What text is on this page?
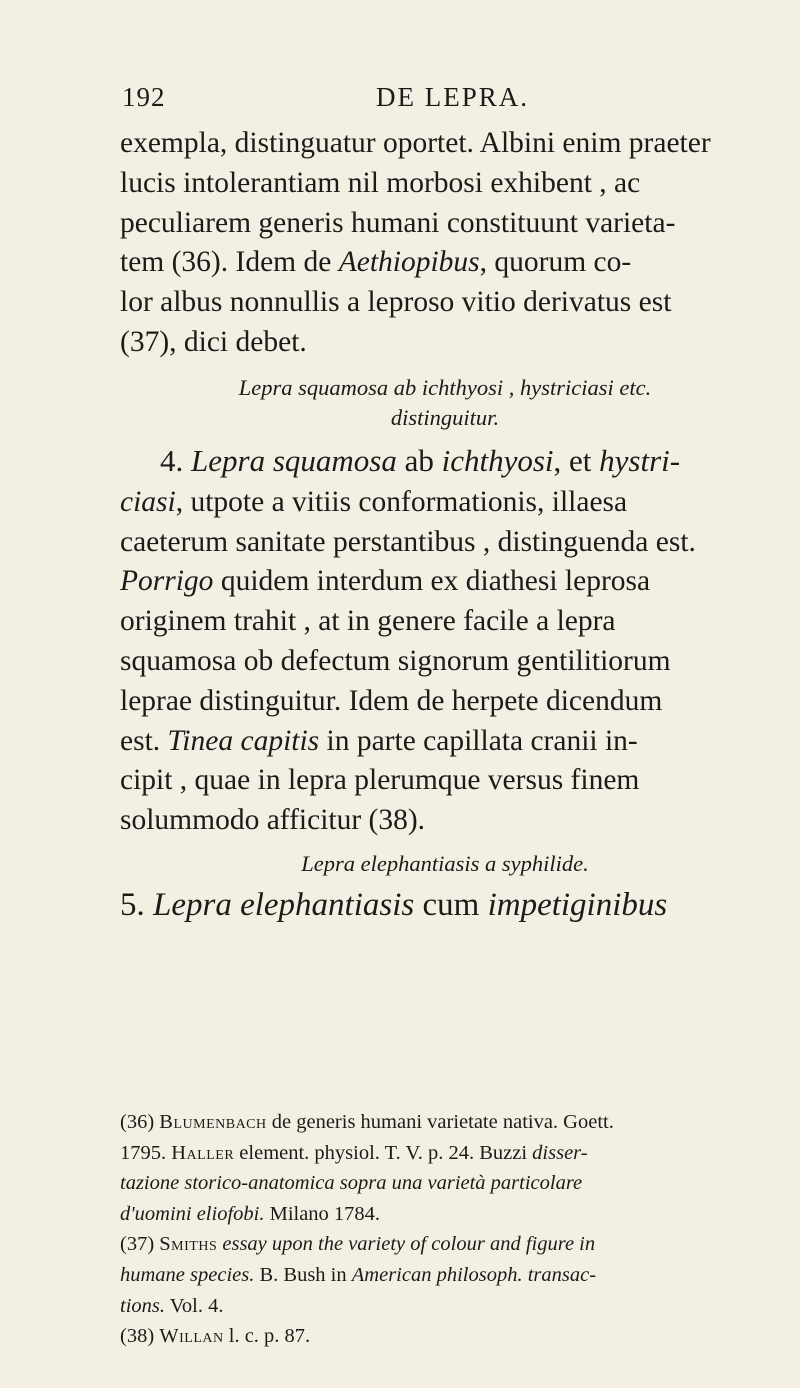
192	DE LEPRA.
exempla, distinguatur oportet. Albini enim praeter
lucis intolerantiam nil morbosi exhibent , ac
peculiarem generis humani constituunt varieta-
tem (36). Idem de Aethiopibus, quorum co-
lor albus nonnullis a leproso vitio derivatus est
(37), dici debet.
Lepra squamosa ab ichthyosi , hystriciasi etc.
distinguitur.
4. Lepra squamosa ab ichthyosi, et hystri-
ciasi, utpote a vitiis conformationis, illaesa
caeterum sanitate perstantibus , distinguenda est.
Porrigo quidem interdum ex diathesi leprosa
originem trahit , at in genere facile a lepra
squamosa ob defectum signorum gentilitiorum
leprae distinguitur. Idem de herpete dicendum
est. Tinea capitis in parte capillata cranii in-
cipit , quae in lepra plerumque versus finem
solummodo afficitur (38).
Lepra elephantiasis a syphilide.
5. Lepra elephantiasis cum impetiginibus
(36) Blumenbach de generis humani varietate nativa. Goett.
1795. Haller element. physiol. T. V. p. 24. Buzzi disser-
tazione storico-anatomica sopra una varietà particolare
d'uomini eliofobi. Milano 1784.
(37) Smiths essay upon the variety of colour and figure in
humane species. B. Bush in American philosoph. transac-
tions. Vol. 4.
(38) Willan l. c. p. 87.
